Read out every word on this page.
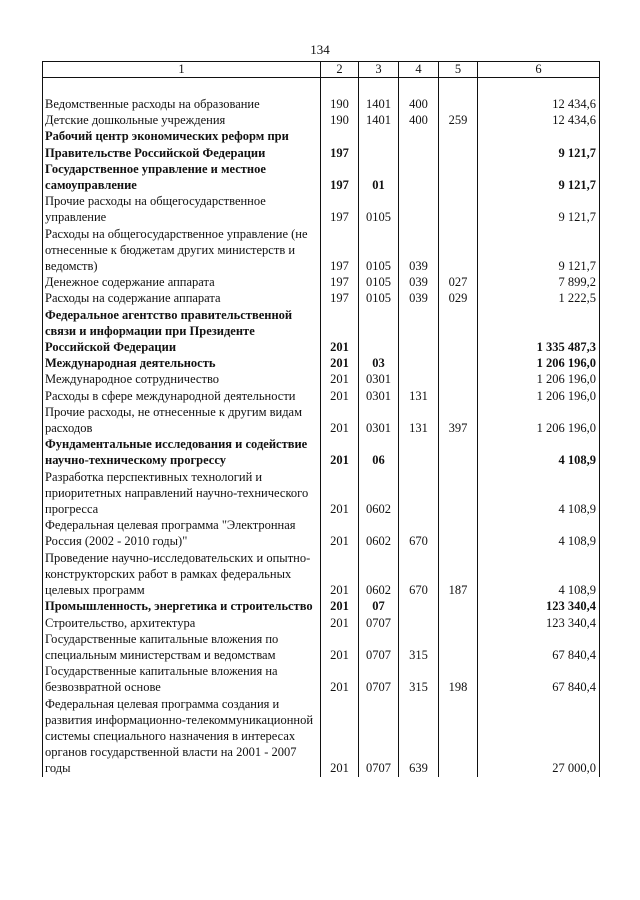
134
1	2	3	4	5	6

Ведомственные расходы на образование	190	1401	400		12 434,6
Детские дошкольные учреждения	190	1401	400	259	12 434,6
Рабочий центр экономических реформ при Правительстве Российской Федерации	197				9 121,7
Государственное управление и местное самоуправление	197	01			9 121,7
Прочие расходы на общегосударственное управление	197	0105			9 121,7
Расходы на общегосударственное управление (не отнесенные к бюджетам других министерств и ведомств)	197	0105	039		9 121,7
Денежное содержание аппарата	197	0105	039	027	7 899,2
Расходы на содержание аппарата	197	0105	039	029	1 222,5
Федеральное агентство правительственной связи и информации при Президенте Российской Федерации	201				1 335 487,3
Международная деятельность	201	03			1 206 196,0
Международное сотрудничество	201	0301			1 206 196,0
Расходы в сфере международной деятельности	201	0301	131		1 206 196,0
Прочие расходы, не отнесенные к другим видам расходов	201	0301	131	397	1 206 196,0
Фундаментальные исследования и содействие научно-техническому прогрессу	201	06			4 108,9
Разработка перспективных технологий и приоритетных направлений научно-технического прогресса	201	0602			4 108,9
Федеральная целевая программа "Электронная Россия (2002 - 2010 годы)"	201	0602	670		4 108,9
Проведение научно-исследовательских и опытно-конструкторских работ в рамках федеральных целевых программ	201	0602	670	187	4 108,9
Промышленность, энергетика и строительство	201	07			123 340,4
Строительство, архитектура	201	0707			123 340,4
Государственные капитальные вложения по специальным министерствам и ведомствам	201	0707	315		67 840,4
Государственные капитальные вложения на безвозвратной основе	201	0707	315	198	67 840,4
Федеральная целевая программа создания и развития информационно-телекоммуникационной системы специального назначения в интересах органов государственной власти на 2001 - 2007 годы	201	0707	639		27 000,0
